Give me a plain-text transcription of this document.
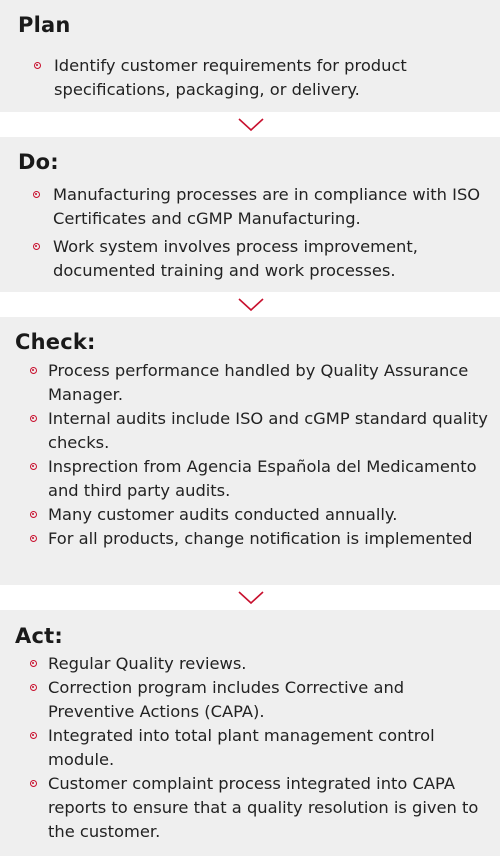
Plan
Identify customer requirements for product specifications, packaging, or delivery.
Do:
Manufacturing processes are in compliance with ISO Certificates and cGMP Manufacturing.
Work system involves process improvement, documented training and work processes.
Check:
Process performance handled by Quality Assurance Manager.
Internal audits include ISO and cGMP standard quality checks.
Insprection from Agencia Española del Medicamento and third party audits.
Many customer audits conducted annually.
For all products, change notification is implemented
Act:
Regular Quality reviews.
Correction program includes Corrective and Preventive Actions (CAPA).
Integrated into total plant management control module.
Customer complaint process integrated into CAPA reports to ensure that a quality resolution is given to the customer.
